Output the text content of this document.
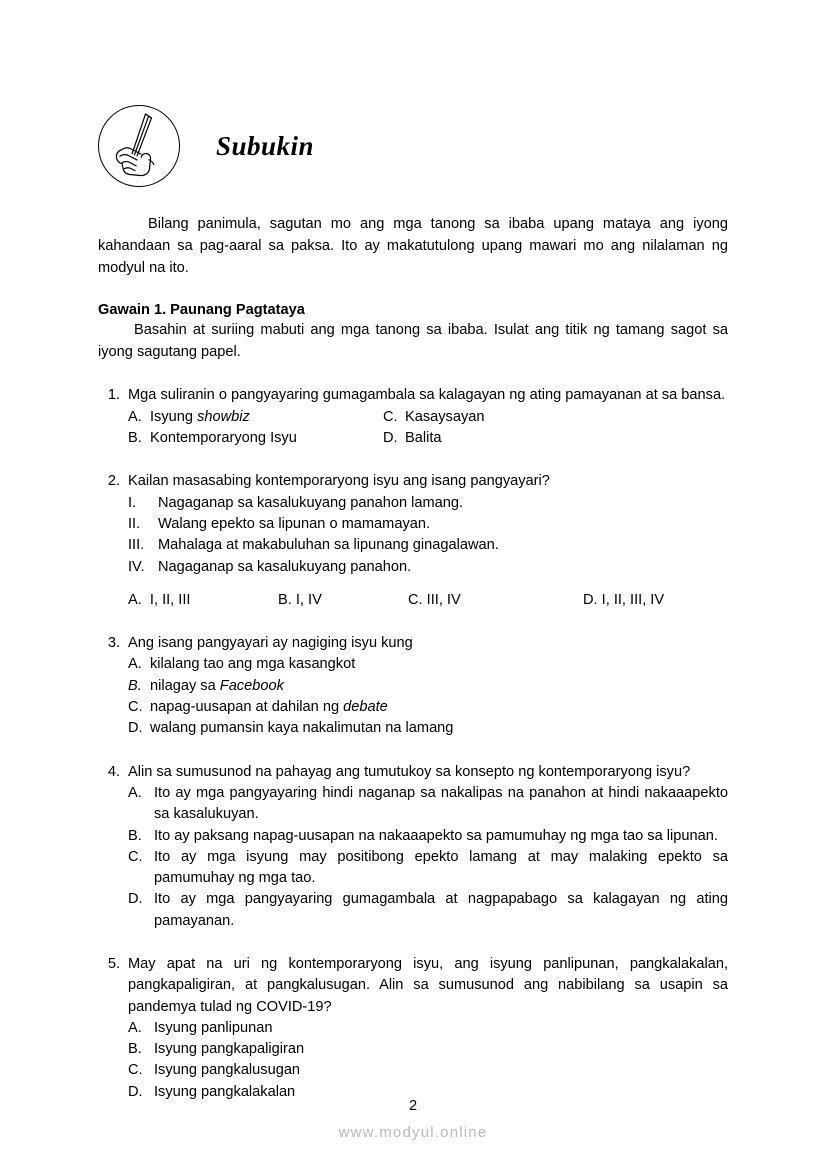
Subukin

Bilang panimula, sagutan mo ang mga tanong sa ibaba upang mataya ang iyong kahandaan sa pag-aaral sa paksa. Ito ay makatutulong upang mawari mo ang nilalaman ng modyul na ito.

Gawain 1. Paunang Pagtataya

Basahin at suriing mabuti ang mga tanong sa ibaba. Isulat ang titik ng tamang sagot sa iyong sagutang papel.

1. Mga suliranin o pangyayaring gumagambala sa kalagayan ng ating pamayanan at sa bansa.
A. Isyung showbiz	C. Kasaysayan
B. Kontemporaryong Isyu	D. Balita
2. Kailan masasabing kontemporaryong isyu ang isang pangyayari?
I.	Nagaganap sa kasalukuyang panahon lamang.
II.	Walang epekto sa lipunan o mamamayan.
III. Mahalaga at makabuluhan sa lipunang ginagalawan.
IV. Nagaganap sa kasalukuyang panahon.
A. I, II, III	B. I, IV	C. III, IV	D. I, II, III, IV
3. Ang isang pangyayari ay nagiging isyu kung
A. kilalang tao ang mga kasangkot
B. nilagay sa Facebook
C. napag-uusapan at dahilan ng debate
D. walang pumansin kaya nakalimutan na lamang
4. Alin sa sumusunod na pahayag ang tumutukoy sa konsepto ng kontemporaryong isyu?
A. Ito ay mga pangyayaring hindi naganap sa nakalipas na panahon at hindi nakaaapekto sa kasalukuyan.
B. Ito ay paksang napag-uusapan na nakaaapekto sa pamumuhay ng mga tao sa lipunan.
C. Ito ay mga isyung may positibong epekto lamang at may malaking epekto sa pamumuhay ng mga tao.
D. Ito ay mga pangyayaring gumagambala at nagpapabago sa kalagayan ng ating pamayanan.
5. May apat na uri ng kontemporaryong isyu, ang isyung panlipunan, pangkalakalan, pangkapaligiran, at pangkalusugan. Alin sa sumusunod ang nabibilang sa usapin sa pandemya tulad ng COVID-19?
A. Isyung panlipunan
B. Isyung pangkapaligiran
C. Isyung pangkalusugan
D. Isyung pangkalakalan
2
www.modyul.online
